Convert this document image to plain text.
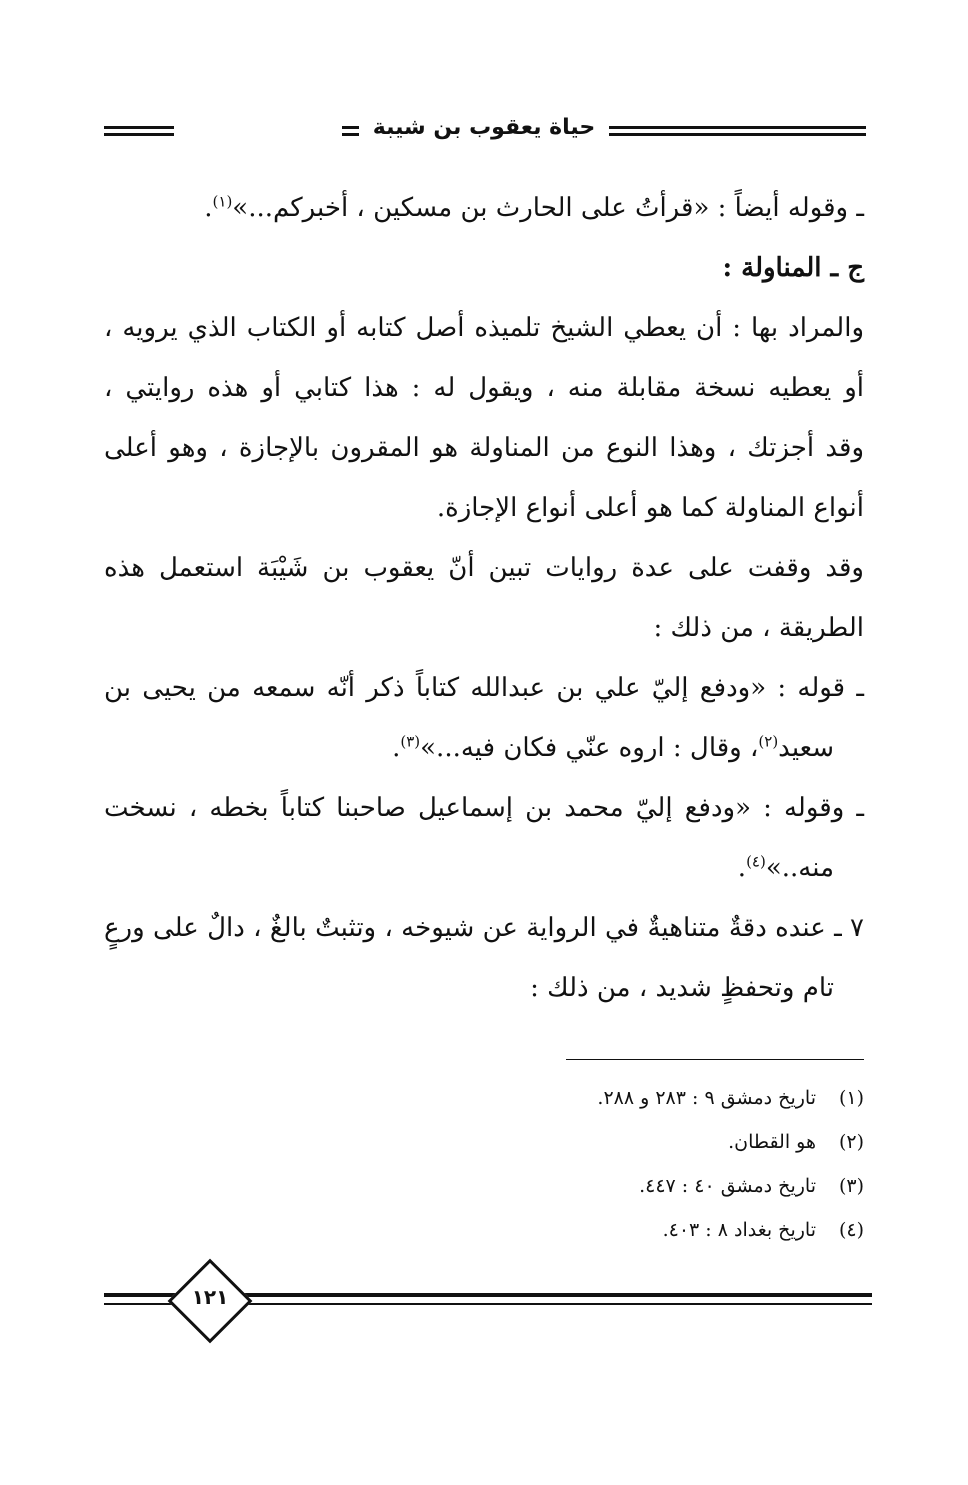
حياة يعقوب بن شيبة
ـ وقوله أيضاً : «قرأتُ على الحارث بن مسكين ، أخبركم...»$^{(١)}$.
ج ـ المناولة :
والمراد بها : أن يعطي الشيخ تلميذه أصل كتابه أو الكتاب الذي يرويه ،
أو يعطيه نسخة مقابلة منه ، ويقول له : هذا كتابي أو هذه روايتي ،
وقد أجزتك ، وهذا النوع من المناولة هو المقرون بالإجازة ، وهو أعلى
أنواع المناولة كما هو أعلى أنواع الإجازة.
وقد وقفت على عدة روايات تبين أنّ يعقوب بن شَيْبَة استعمل هذه
الطريقة ، من ذلك :
ـ قوله : «ودفع إليّ علي بن عبدالله كتاباً ذكر أنّه سمعه من يحيى بن
سعيد$^{(٢)}$، وقال : اروه عنّي فكان فيه...»$^{(٣)}$.
ـ وقوله : «ودفع إليّ محمد بن إسماعيل صاحبنا كتاباً بخطه ، نسخت
منه..»$^{(٤)}$.
٧ ـ عنده دقةٌ متناهيةٌ في الرواية عن شيوخه ، وتثبتٌ بالغٌ ، دالٌ على ورعٍ
تام وتحفظٍ شديد ، من ذلك :
(١)
تاريخ دمشق ٩ : ٢٨٣ و ٢٨٨.
(٢)
هو القطان.
(٣)
تاريخ دمشق ٤٠ : ٤٤٧.
(٤)
تاريخ بغداد ٨ : ٤٠٣.
١٢١
